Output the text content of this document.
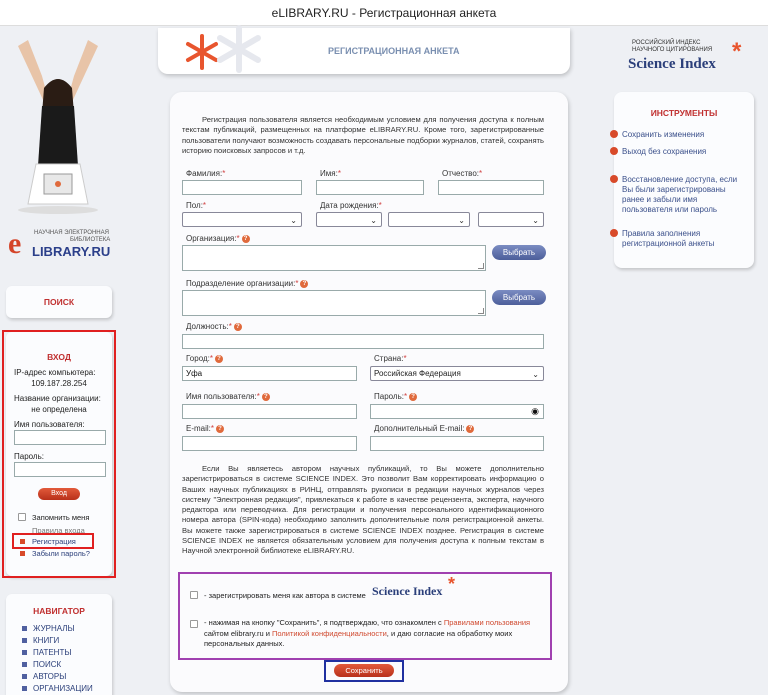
eLIBRARY.RU - Регистрационная анкета
e НАУЧНАЯ ЭЛЕКТРОННАЯ
БИБЛИОТЕКА
LIBRARY.RU
ПОИСК
ВХОД
IP-адрес компьютера:
109.187.28.254
Название организации:
не определена
Имя пользователя:
Пароль:
Вход
Запомнить меня
Правила входа
Регистрация
Забыли пароль?
НАВИГАТОР
ЖУРНАЛЫ
КНИГИ
ПАТЕНТЫ
ПОИСК
АВТОРЫ
ОРГАНИЗАЦИИ
РЕГИСТРАЦИОННАЯ АНКЕТА
Регистрация пользователя является необходимым условием для получения доступа к полным текстам публикаций, размещенных на платформе eLIBRARY.RU. Кроме того, зарегистрированные пользователи получают возможность создавать персональные подборки журналов, статей, сохранять историю поисковых запросов и т.д.
Фамилия:*	Имя:*	Отчество:*
Пол:*
⌄
Дата рождения:*
⌄	⌄	⌄
Организация:* ?
Выбрать
Подразделение организации:* ?
Выбрать
Должность:* ?
Город:* ?
Уфа
Страна:*
Российская Федерация	⌄
Имя пользователя:* ?	Пароль:* ?
◉
E-mail:* ?	Дополнительный E-mail: ?
Если Вы являетесь автором научных публикаций, то Вы можете дополнительно зарегистрироваться в системе SCIENCE INDEX. Это позволит Вам корректировать информацию о Ваших научных публикациях в РИНЦ, отправлять рукописи в редакции научных журналов через систему "Электронная редакция", привлекаться к работе в качестве рецензента, эксперта, научного редактора или переводчика. Для регистрации и получения персонального идентификационного номера автора (SPIN-кода) необходимо заполнить дополнительные поля регистрационной анкеты. Вы можете также зарегистрироваться в системе SCIENCE INDEX позднее. Регистрация в системе SCIENCE INDEX не является обязательным условием для получения доступа к полным текстам в Научной электронной библиотеке eLIBRARY.RU.
- зарегистрировать меня как автора в системе Science Index *
- нажимая на кнопку "Сохранить", я подтверждаю, что ознакомлен с Правилами пользования сайтом elibrary.ru и Политикой конфиденциальности, и даю согласие на обработку моих персональных данных.
Сохранить
РОССИЙСКИЙ ИНДЕКС
НАУЧНОГО ЦИТИРОВАНИЯ
Science Index *
ИНСТРУМЕНТЫ
Сохранить изменения
Выход без сохранения
Восстановление доступа, если Вы были зарегистрированы ранее и забыли имя пользователя или пароль
Правила заполнения регистрационной анкеты
